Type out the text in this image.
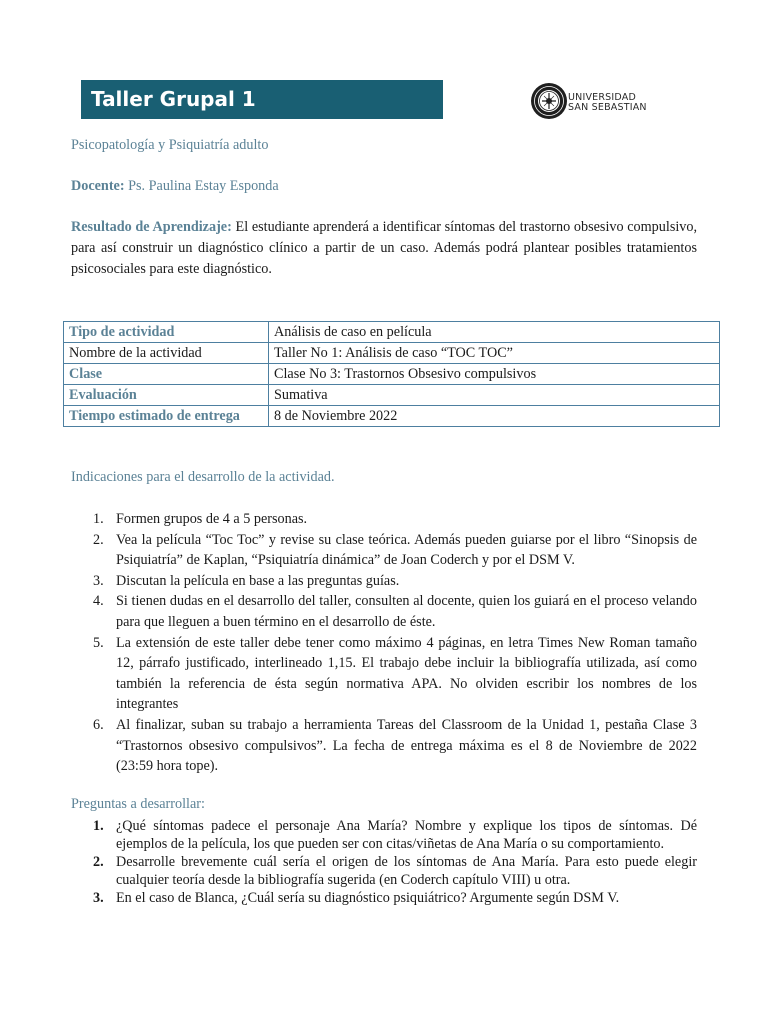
Taller Grupal 1	UNIVERSIDAD
SAN SEBASTIAN
Psicopatología y Psiquiatría adulto
Docente: Ps. Paulina Estay Esponda
Resultado de Aprendizaje: El estudiante aprenderá a identificar síntomas del trastorno obsesivo compulsivo, para así construir un diagnóstico clínico a partir de un caso. Además podrá plantear posibles tratamientos psicosociales para este diagnóstico.
Tipo de actividad	Análisis de caso en película
Nombre de la actividad	Taller No 1: Análisis de caso “TOC TOC”
Clase	Clase No 3: Trastornos Obsesivo compulsivos
Evaluación	Sumativa
Tiempo estimado de entrega	8 de Noviembre 2022
Indicaciones para el desarrollo de la actividad.
1. Formen grupos de 4 a 5 personas.
2. Vea la película “Toc Toc” y revise su clase teórica. Además pueden guiarse por el libro “Sinopsis de Psiquiatría” de Kaplan, “Psiquiatría dinámica” de Joan Coderch y por el DSM V.
3. Discutan la película en base a las preguntas guías.
4. Si tienen dudas en el desarrollo del taller, consulten al docente, quien los guiará en el proceso velando para que lleguen a buen término en el desarrollo de éste.
5. La extensión de este taller debe tener como máximo 4 páginas, en letra Times New Roman tamaño 12, párrafo justificado, interlineado 1,15. El trabajo debe incluir la bibliografía utilizada, así como también la referencia de ésta según normativa APA. No olviden escribir los nombres de los integrantes
6. Al finalizar, suban su trabajo a herramienta Tareas del Classroom de la Unidad 1, pestaña Clase 3 “Trastornos obsesivo compulsivos”. La fecha de entrega máxima es el 8 de Noviembre de 2022 (23:59 hora tope).
Preguntas a desarrollar:
1. ¿Qué síntomas padece el personaje Ana María? Nombre y explique los tipos de síntomas. Dé ejemplos de la película, los que pueden ser con citas/viñetas de Ana María o su comportamiento.
2. Desarrolle brevemente cuál sería el origen de los síntomas de Ana María. Para esto puede elegir cualquier teoría desde la bibliografía sugerida (en Coderch capítulo VIII) u otra.
3. En el caso de Blanca, ¿Cuál sería su diagnóstico psiquiátrico? Argumente según DSM V.
